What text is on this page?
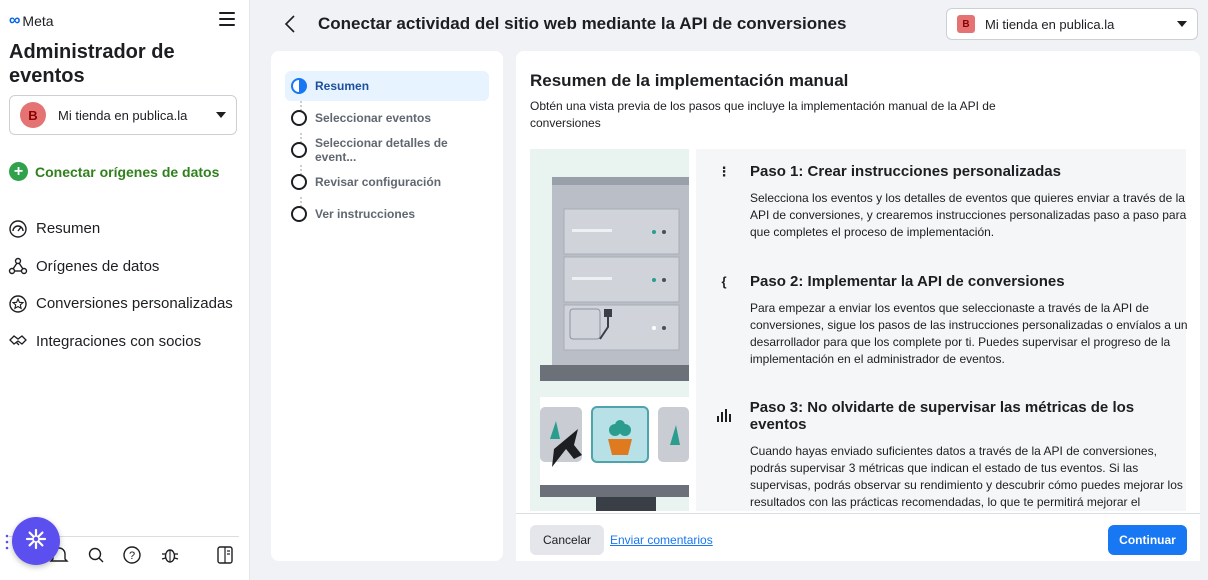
∞ Meta
Administrador de eventos
B	Mi tienda en publica.la
+ Conectar orígenes de datos
Resumen
Orígenes de datos
Conversiones personalizadas
Integraciones con socios
?
Conectar actividad del sitio web mediante la API de conversiones	B	Mi tienda en publica.la
Resumen
Seleccionar eventos
Seleccionar detalles de event...
Revisar configuración
Ver instrucciones
Resumen de la implementación manual
Obtén una vista previa de los pasos que incluye la implementación manual de la API de conversiones
⋮ Paso 1: Crear instrucciones personalizadas
Selecciona los eventos y los detalles de eventos que quieres enviar a través de la API de conversiones, y crearemos instrucciones personalizadas paso a paso para que completes el proceso de implementación.
{	Paso 2: Implementar la API de conversiones
Para empezar a enviar los eventos que seleccionaste a través de la API de conversiones, sigue los pasos de las instrucciones personalizadas o envíalos a un desarrollador para que los complete por ti. Puedes supervisar el progreso de la implementación en el administrador de eventos.
Paso 3: No olvidarte de supervisar las métricas de los eventos
Cuando hayas enviado suficientes datos a través de la API de conversiones, podrás supervisar 3 métricas que indican el estado de tus eventos. Si las supervisas, podrás observar su rendimiento y descubrir cómo puedes mejorar los resultados con las prácticas recomendadas, lo que te permitirá mejorar el
Cancelar	Enviar comentarios	Continuar
